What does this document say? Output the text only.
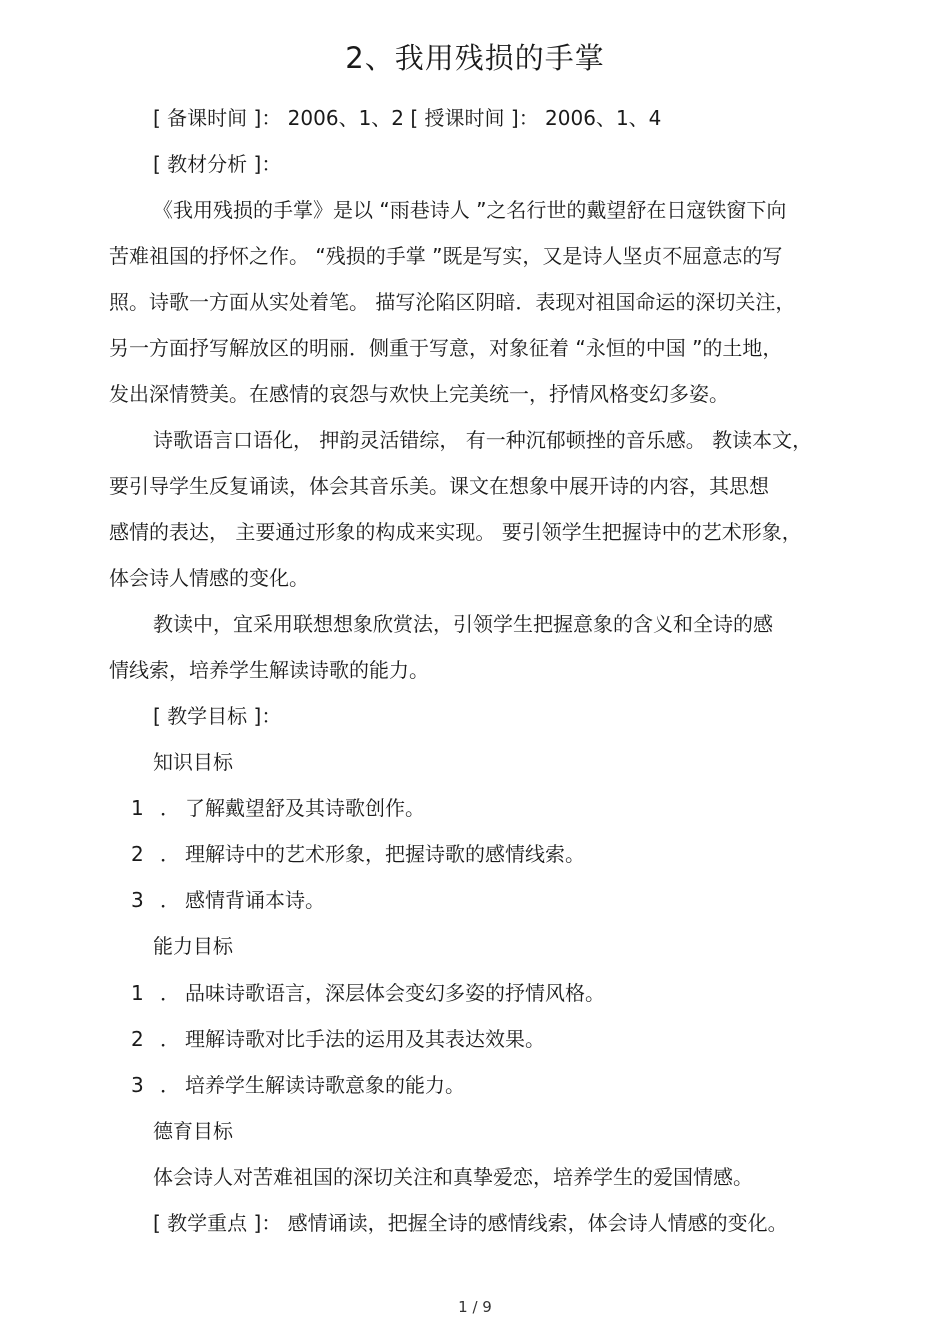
2、我用残损的手掌
[ 备课时间 ]： 2006、1、2 [ 授课时间 ]： 2006、1、4
[ 教材分析 ]：
《我用残损的手掌》是以 “雨巷诗人 ”之名行世的戴望舒在日寇铁窗下向
苦难祖国的抒怀之作。 “残损的手掌 ”既是写实，又是诗人坚贞不屈意志的写
照。诗歌一方面从实处着笔。 描写沦陷区阴暗．表现对祖国命运的深切关注，
另一方面抒写解放区的明丽．侧重于写意，对象征着 “永恒的中国 ”的土地，
发出深情赞美。在感情的哀怨与欢快上完美统一，抒情风格变幻多姿。
诗歌语言口语化， 押韵灵活错综， 有一种沉郁顿挫的音乐感。 教读本文，
要引导学生反复诵读，体会其音乐美。课文在想象中展开诗的内容，其思想
感情的表达， 主要通过形象的构成来实现。 要引领学生把握诗中的艺术形象，
体会诗人情感的变化。
教读中，宜采用联想想象欣赏法，引领学生把握意象的含义和全诗的感
情线索，培养学生解读诗歌的能力。
[ 教学目标 ]：
知识目标
1 ． 了解戴望舒及其诗歌创作。
2 ． 理解诗中的艺术形象，把握诗歌的感情线索。
3 ． 感情背诵本诗。
能力目标
1 ． 品味诗歌语言，深层体会变幻多姿的抒情风格。
2 ． 理解诗歌对比手法的运用及其表达效果。
3 ． 培养学生解读诗歌意象的能力。
德育目标
体会诗人对苦难祖国的深切关注和真挚爱恋，培养学生的爱国情感。
[ 教学重点 ]： 感情诵读，把握全诗的感情线索，体会诗人情感的变化。
1 / 9
